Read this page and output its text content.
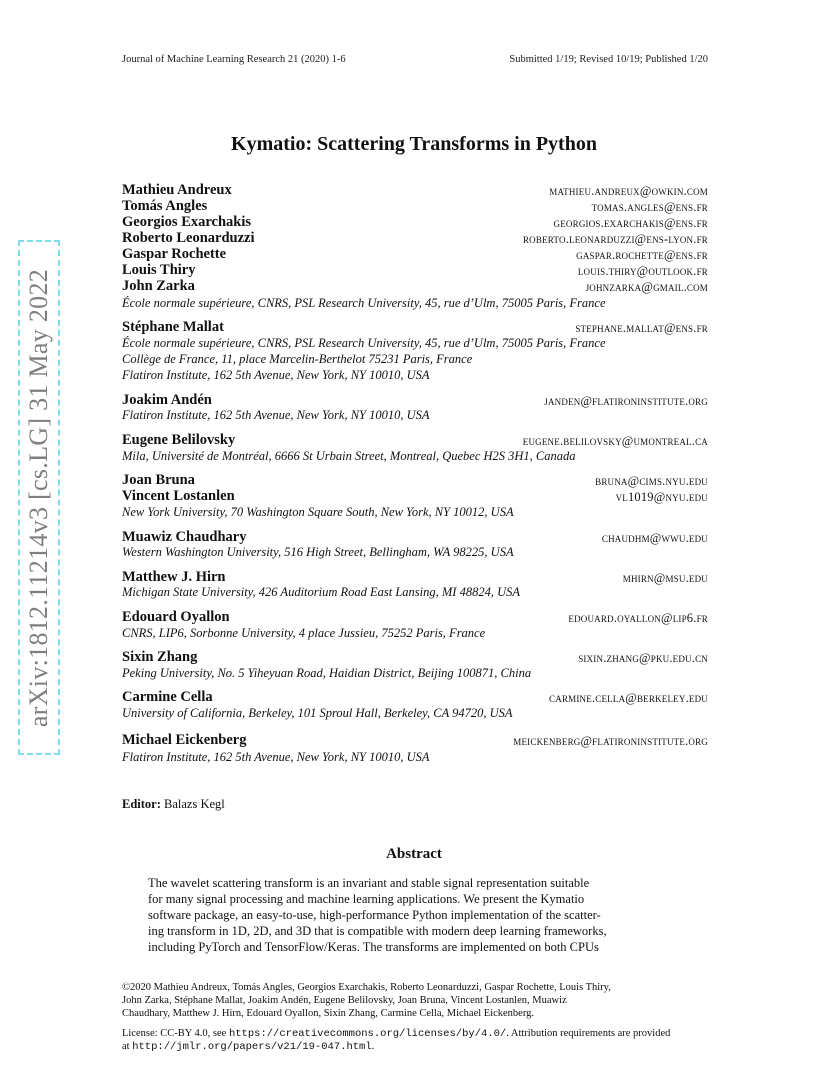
arXiv:1812.11214v3 [cs.LG] 31 May 2022
Journal of Machine Learning Research 21 (2020) 1-6	Submitted 1/19; Revised 10/19; Published 1/20
Kymatio: Scattering Transforms in Python
Mathieu Andreux	mathieu.andreux@owkin.com
Tomás Angles	tomas.angles@ens.fr
Georgios Exarchakis	georgios.exarchakis@ens.fr
Roberto Leonarduzzi	roberto.leonarduzzi@ens-lyon.fr
Gaspar Rochette	gaspar.rochette@ens.fr
Louis Thiry	louis.thiry@outlook.fr
John Zarka	johnzarka@gmail.com
École normale supérieure, CNRS, PSL Research University, 45, rue d’Ulm, 75005 Paris, France
Stéphane Mallat	stephane.mallat@ens.fr
École normale supérieure, CNRS, PSL Research University, 45, rue d’Ulm, 75005 Paris, France
Collège de France, 11, place Marcelin-Berthelot 75231 Paris, France
Flatiron Institute, 162 5th Avenue, New York, NY 10010, USA
Joakim Andén	janden@flatironinstitute.org
Flatiron Institute, 162 5th Avenue, New York, NY 10010, USA
Eugene Belilovsky	eugene.belilovsky@umontreal.ca
Mila, Université de Montréal, 6666 St Urbain Street, Montreal, Quebec H2S 3H1, Canada
Joan Bruna	bruna@cims.nyu.edu
Vincent Lostanlen	vl1019@nyu.edu
New York University, 70 Washington Square South, New York, NY 10012, USA
Muawiz Chaudhary	chaudhm@wwu.edu
Western Washington University, 516 High Street, Bellingham, WA 98225, USA
Matthew J. Hirn	mhirn@msu.edu
Michigan State University, 426 Auditorium Road East Lansing, MI 48824, USA
Edouard Oyallon	edouard.oyallon@lip6.fr
CNRS, LIP6, Sorbonne University, 4 place Jussieu, 75252 Paris, France
Sixin Zhang	sixin.zhang@pku.edu.cn
Peking University, No. 5 Yiheyuan Road, Haidian District, Beijing 100871, China
Carmine Cella	carmine.cella@berkeley.edu
University of California, Berkeley, 101 Sproul Hall, Berkeley, CA 94720, USA
Michael Eickenberg	meickenberg@flatironinstitute.org
Flatiron Institute, 162 5th Avenue, New York, NY 10010, USA
Editor: Balazs Kegl
Abstract
The wavelet scattering transform is an invariant and stable signal representation suitable
for many signal processing and machine learning applications. We present the Kymatio
software package, an easy-to-use, high-performance Python implementation of the scatter-
ing transform in 1D, 2D, and 3D that is compatible with modern deep learning frameworks,
including PyTorch and TensorFlow/Keras. The transforms are implemented on both CPUs
©2020 Mathieu Andreux, Tomás Angles, Georgios Exarchakis, Roberto Leonarduzzi, Gaspar Rochette, Louis Thiry,
John Zarka, Stéphane Mallat, Joakim Andén, Eugene Belilovsky, Joan Bruna, Vincent Lostanlen, Muawiz
Chaudhary, Matthew J. Hirn, Edouard Oyallon, Sixin Zhang, Carmine Cella, Michael Eickenberg.
License: CC-BY 4.0, see https://creativecommons.org/licenses/by/4.0/. Attribution requirements are provided
at http://jmlr.org/papers/v21/19-047.html.
